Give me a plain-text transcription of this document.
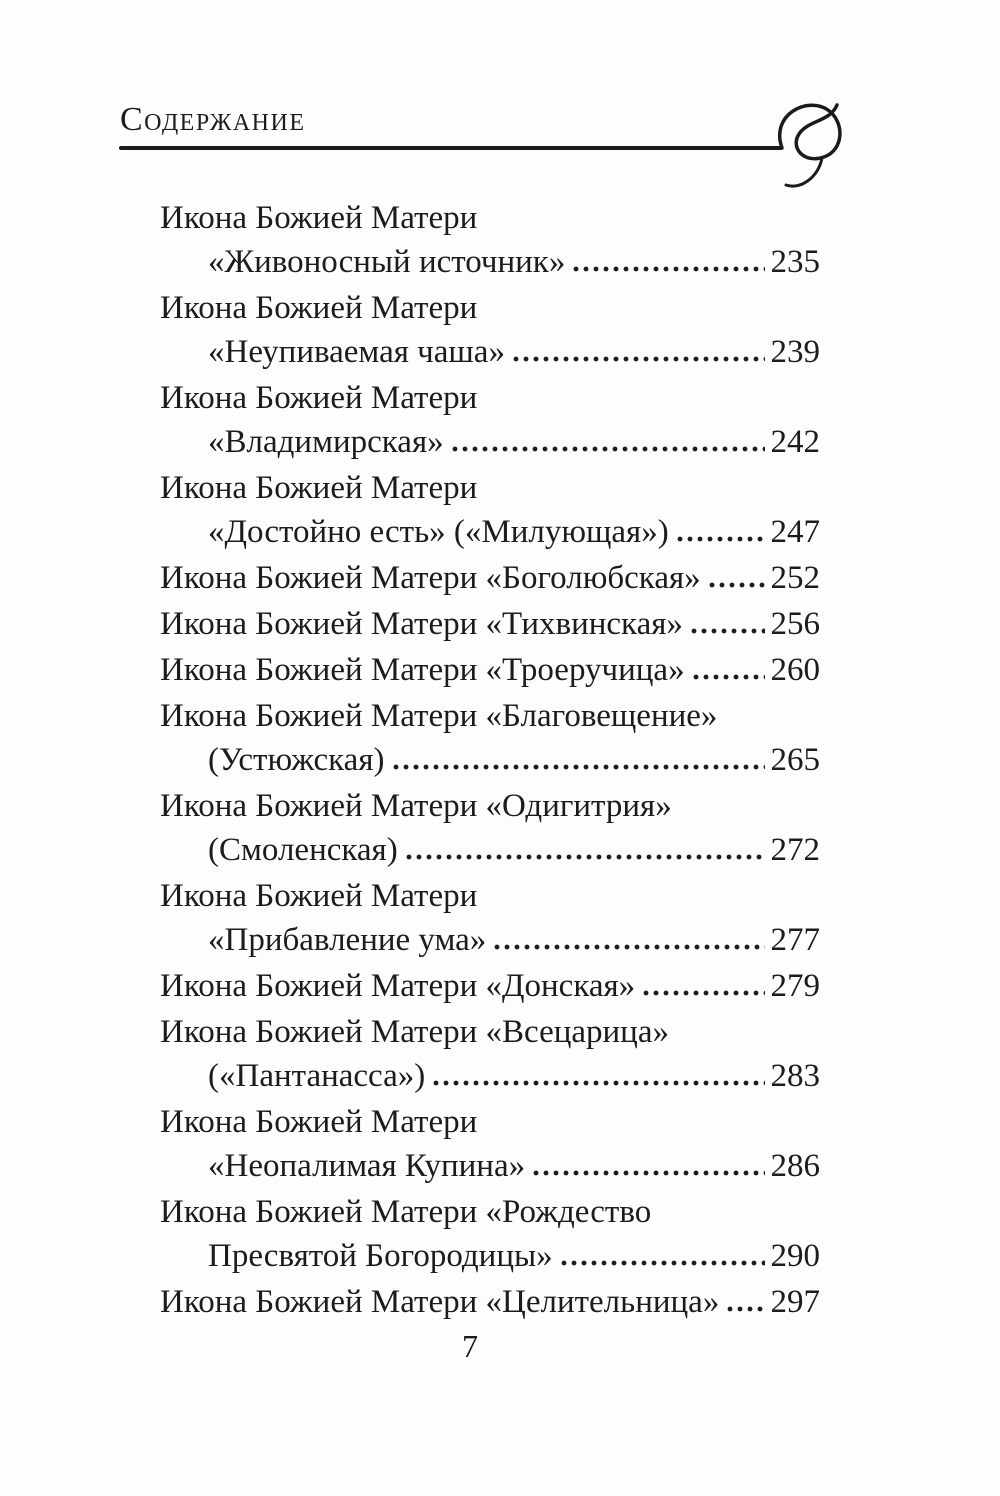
Содержание
Икона Божией Матери
«Живоносный источник»	235
Икона Божией Матери
«Неупиваемая чаша»	239
Икона Божией Матери
«Владимирская»	242
Икона Божией Матери
«Достойно есть» («Милующая»)	247
Икона Божией Матери «Боголюбская» 252
Икона Божией Матери «Тихвинская»	256
Икона Божией Матери «Троеручица»	260
Икона Божией Матери «Благовещение»
(Устюжская)	265
Икона Божией Матери «Одигитрия»
(Смоленская)	272
Икона Божией Матери
«Прибавление ума»	277
Икона Божией Матери «Донская»	279
Икона Божией Матери «Всецарица»
(«Пантанасса»)	283
Икона Божией Матери
«Неопалимая Купина»	286
Икона Божией Матери «Рождество
Пресвятой Богородицы»	290
Икона Божией Матери «Целительница» 297
7
